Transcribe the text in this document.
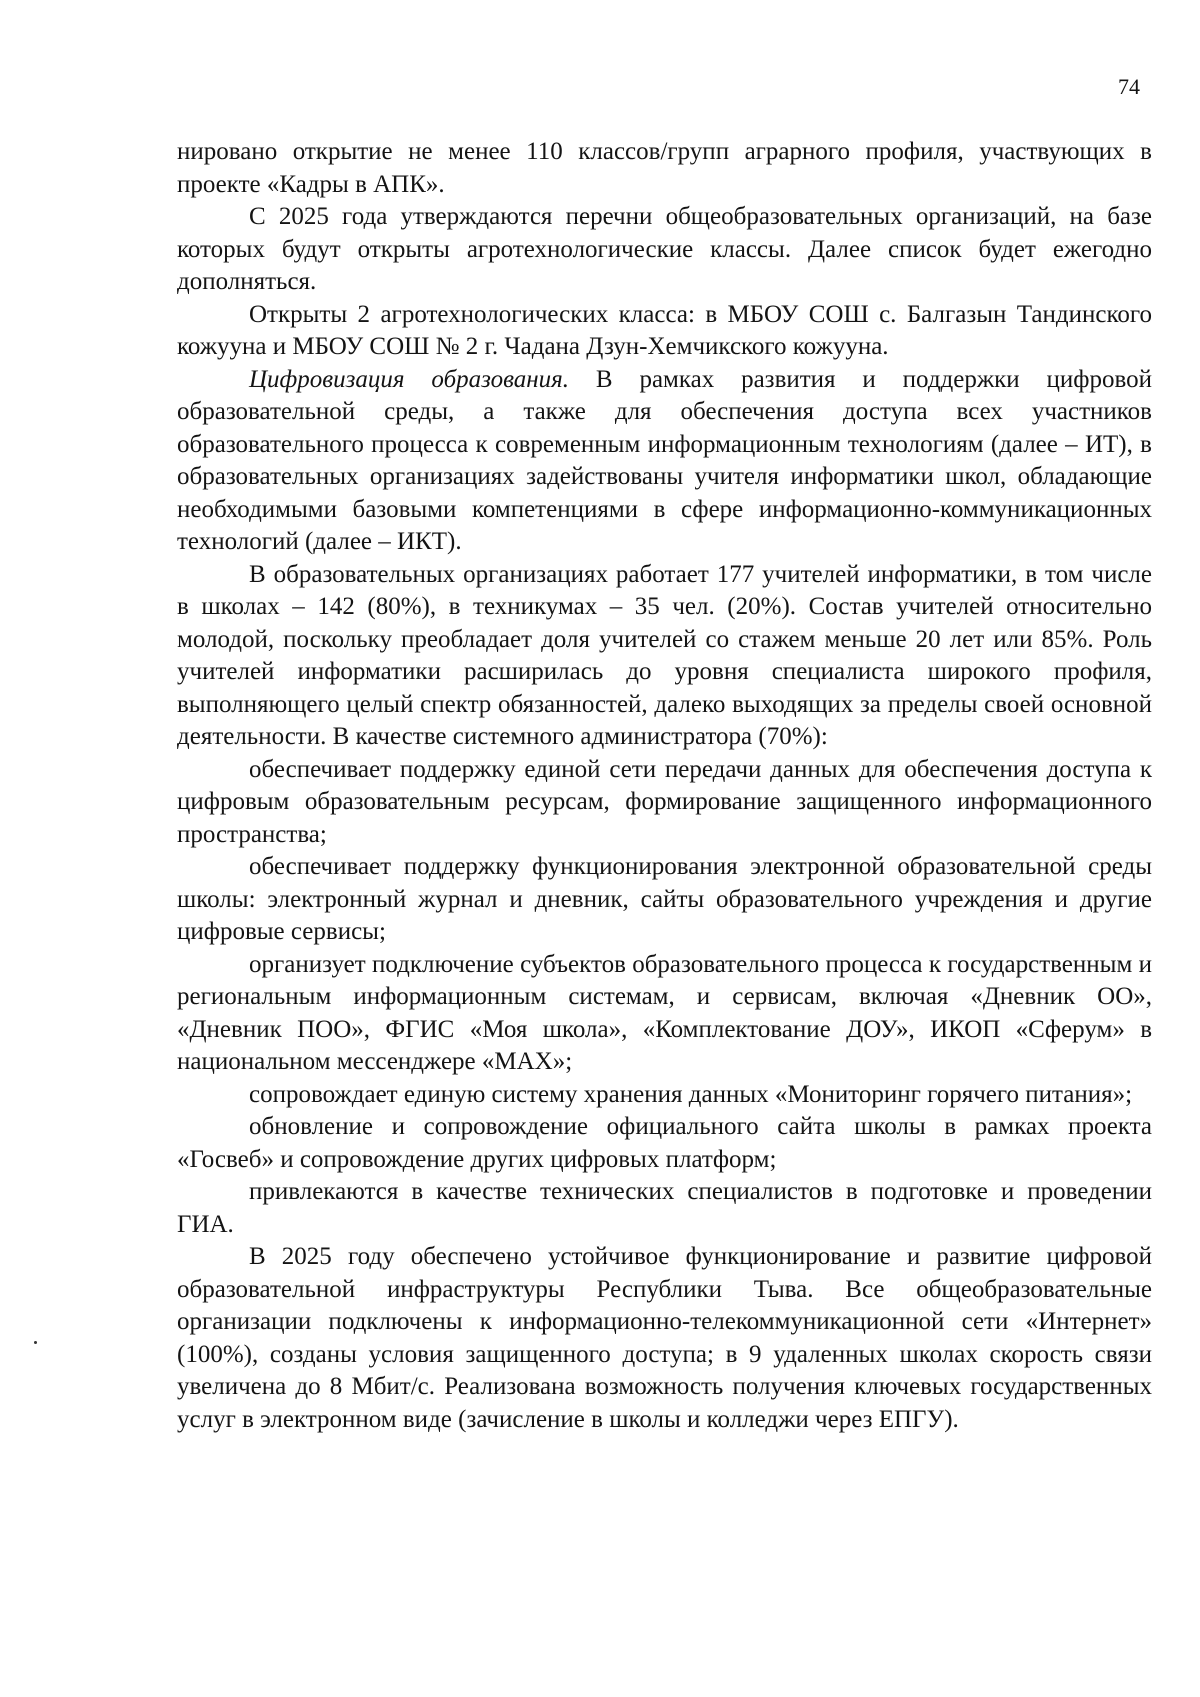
74

нировано открытие не менее 110 классов/групп аграрного профиля, участвующих в проекте «Кадры в АПК».

С 2025 года утверждаются перечни общеобразовательных организаций, на базе которых будут открыты агротехнологические классы. Далее список будет ежегодно дополняться.

Открыты 2 агротехнологических класса: в МБОУ СОШ с. Балгазын Тандинского кожууна и МБОУ СОШ № 2 г. Чадана Дзун-Хемчикского кожууна.

Цифровизация образования. В рамках развития и поддержки цифровой образовательной среды, а также для обеспечения доступа всех участников образовательного процесса к современным информационным технологиям (далее – ИТ), в образовательных организациях задействованы учителя информатики школ, обладающие необходимыми базовыми компетенциями в сфере информационно-коммуникационных технологий (далее – ИКТ).

В образовательных организациях работает 177 учителей информатики, в том числе в школах – 142 (80%), в техникумах – 35 чел. (20%). Состав учителей относительно молодой, поскольку преобладает доля учителей со стажем меньше 20 лет или 85%. Роль учителей информатики расширилась до уровня специалиста широкого профиля, выполняющего целый спектр обязанностей, далеко выходящих за пределы своей основной деятельности. В качестве системного администратора (70%):

обеспечивает поддержку единой сети передачи данных для обеспечения доступа к цифровым образовательным ресурсам, формирование защищенного информационного пространства;

обеспечивает поддержку функционирования электронной образовательной среды школы: электронный журнал и дневник, сайты образовательного учреждения и другие цифровые сервисы;

организует подключение субъектов образовательного процесса к государственным и региональным информационным системам, и сервисам, включая «Дневник ОО», «Дневник ПОО», ФГИС «Моя школа», «Комплектование ДОУ», ИКОП «Сферум» в национальном мессенджере «MAX»;

сопровождает единую систему хранения данных «Мониторинг горячего питания»;

обновление и сопровождение официального сайта школы в рамках проекта «Госвеб» и сопровождение других цифровых платформ;

привлекаются в качестве технических специалистов в подготовке и проведении ГИА.

В 2025 году обеспечено устойчивое функционирование и развитие цифровой образовательной инфраструктуры Республики Тыва. Все общеобразовательные организации подключены к информационно-телекоммуникационной сети «Интернет» (100%), созданы условия защищенного доступа; в 9 удаленных школах скорость связи увеличена до 8 Мбит/с. Реализована возможность получения ключевых государственных услуг в электронном виде (зачисление в школы и колледжи через ЕПГУ).
